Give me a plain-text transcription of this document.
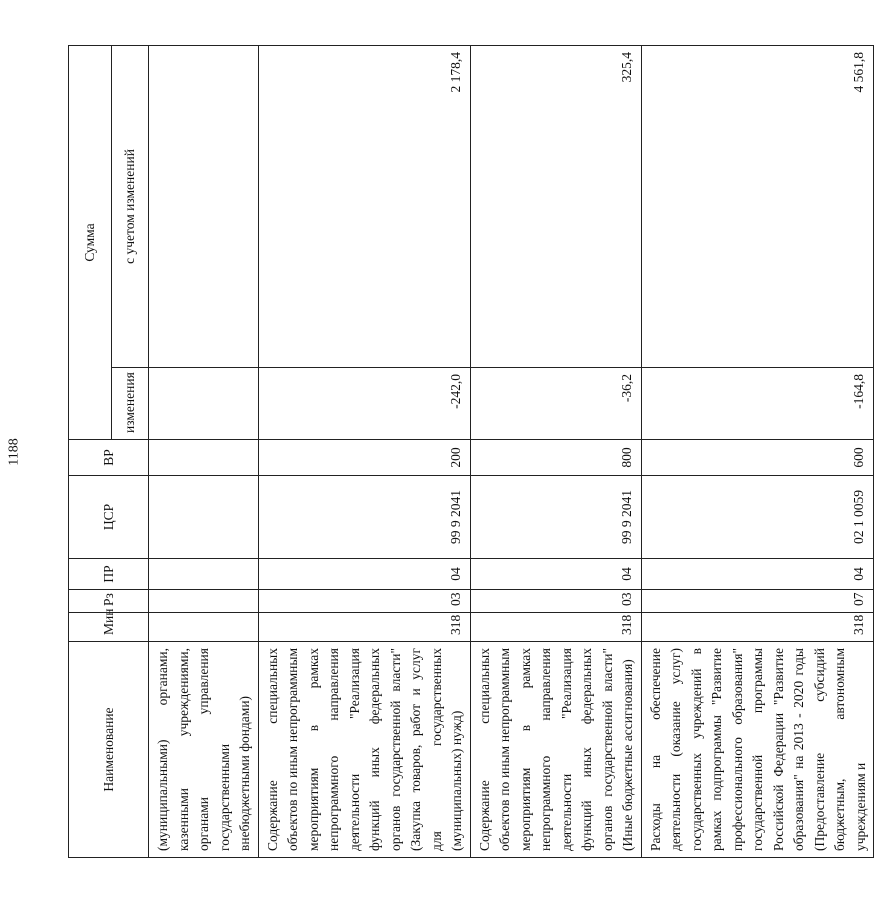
1188
Наименование	Мин	Рз	ПР	ЦСР	ВР	Сумма	
						изменения	с учетом изменений
(муниципальными) органами, казенными учреждениями, органами управления государственными внебюджетными фондами)							
Содержание специальных объектов по иным непрограммным мероприятиям в рамках непрограммного направления деятельности "Реализация функций иных федеральных органов государственной власти" (Закупка товаров, работ и услуг для государственных (муниципальных) нужд)	318	03	04	99 9 2041	200	-242,0	2 178,4
Содержание специальных объектов по иным непрограммным мероприятиям в рамках непрограммного направления деятельности "Реализация функций иных федеральных органов государственной власти" (Иные бюджетные ассигнования)	318	03	04	99 9 2041	800	-36,2	325,4
Расходы на обеспечение деятельности (оказание услуг) государственных учреждений в рамках подпрограммы "Развитие профессионального образования" государственной программы Российской Федерации "Развитие образования" на 2013 - 2020 годы (Предоставление субсидий бюджетным, автономным учреждениям и	318	07	04	02 1 0059	600	-164,8	4 561,8
